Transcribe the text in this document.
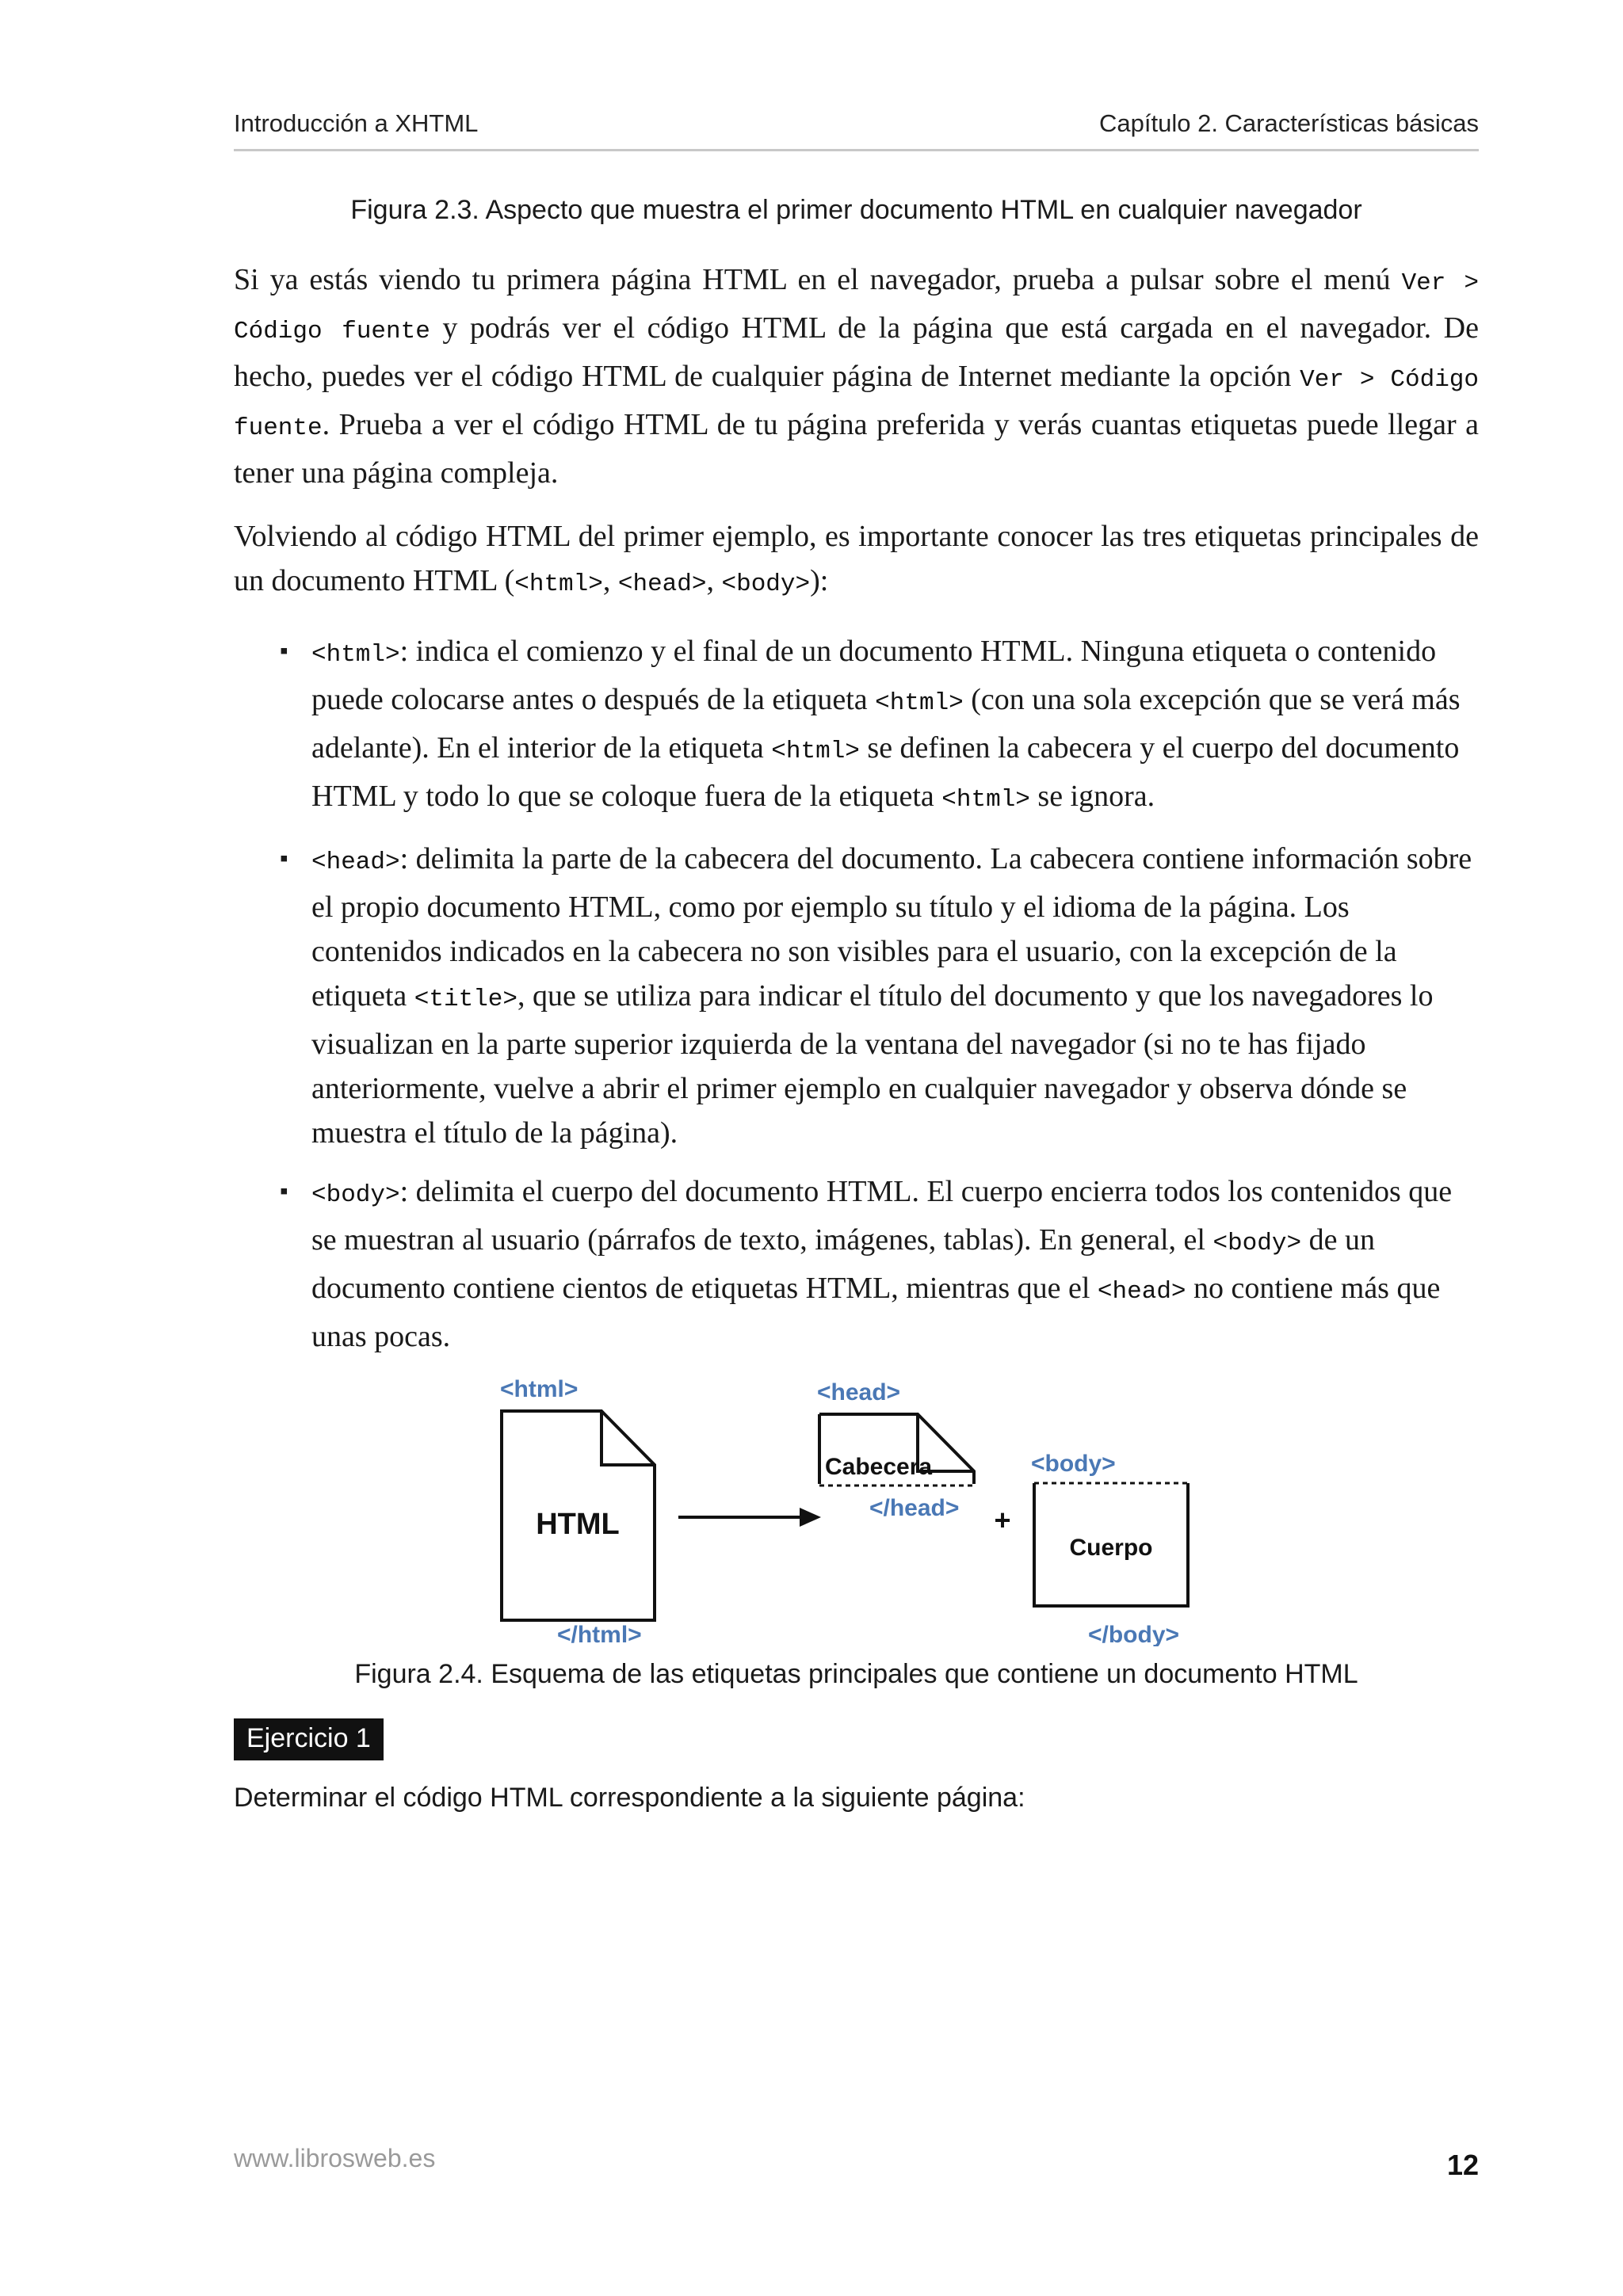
Introducción a XHTML	Capítulo 2. Características básicas
Figura 2.3. Aspecto que muestra el primer documento HTML en cualquier navegador

Si ya estás viendo tu primera página HTML en el navegador, prueba a pulsar sobre el menú Ver > Código fuente y podrás ver el código HTML de la página que está cargada en el navegador. De hecho, puedes ver el código HTML de cualquier página de Internet mediante la opción Ver > Código fuente. Prueba a ver el código HTML de tu página preferida y verás cuantas etiquetas puede llegar a tener una página compleja.

Volviendo al código HTML del primer ejemplo, es importante conocer las tres etiquetas principales de un documento HTML (<html>, <head>, <body>):

▪ <html>: indica el comienzo y el final de un documento HTML. Ninguna etiqueta o contenido puede colocarse antes o después de la etiqueta <html> (con una sola excepción que se verá más adelante). En el interior de la etiqueta <html> se definen la cabecera y el cuerpo del documento HTML y todo lo que se coloque fuera de la etiqueta <html> se ignora.
▪ <head>: delimita la parte de la cabecera del documento. La cabecera contiene información sobre el propio documento HTML, como por ejemplo su título y el idioma de la página. Los contenidos indicados en la cabecera no son visibles para el usuario, con la excepción de la etiqueta <title>, que se utiliza para indicar el título del documento y que los navegadores lo visualizan en la parte superior izquierda de la ventana del navegador (si no te has fijado anteriormente, vuelve a abrir el primer ejemplo en cualquier navegador y observa dónde se muestra el título de la página).
▪ <body>: delimita el cuerpo del documento HTML. El cuerpo encierra todos los contenidos que se muestran al usuario (párrafos de texto, imágenes, tablas). En general, el <body> de un documento contiene cientos de etiquetas HTML, mientras que el <head> no contiene más que unas pocas.
<html>
HTML
</html>
<head>
Cabecera
</head> +
<body>
Cuerpo
</body>
Figura 2.4. Esquema de las etiquetas principales que contiene un documento HTML
Ejercicio 1
Determinar el código HTML correspondiente a la siguiente página:
www.librosweb.es	12
